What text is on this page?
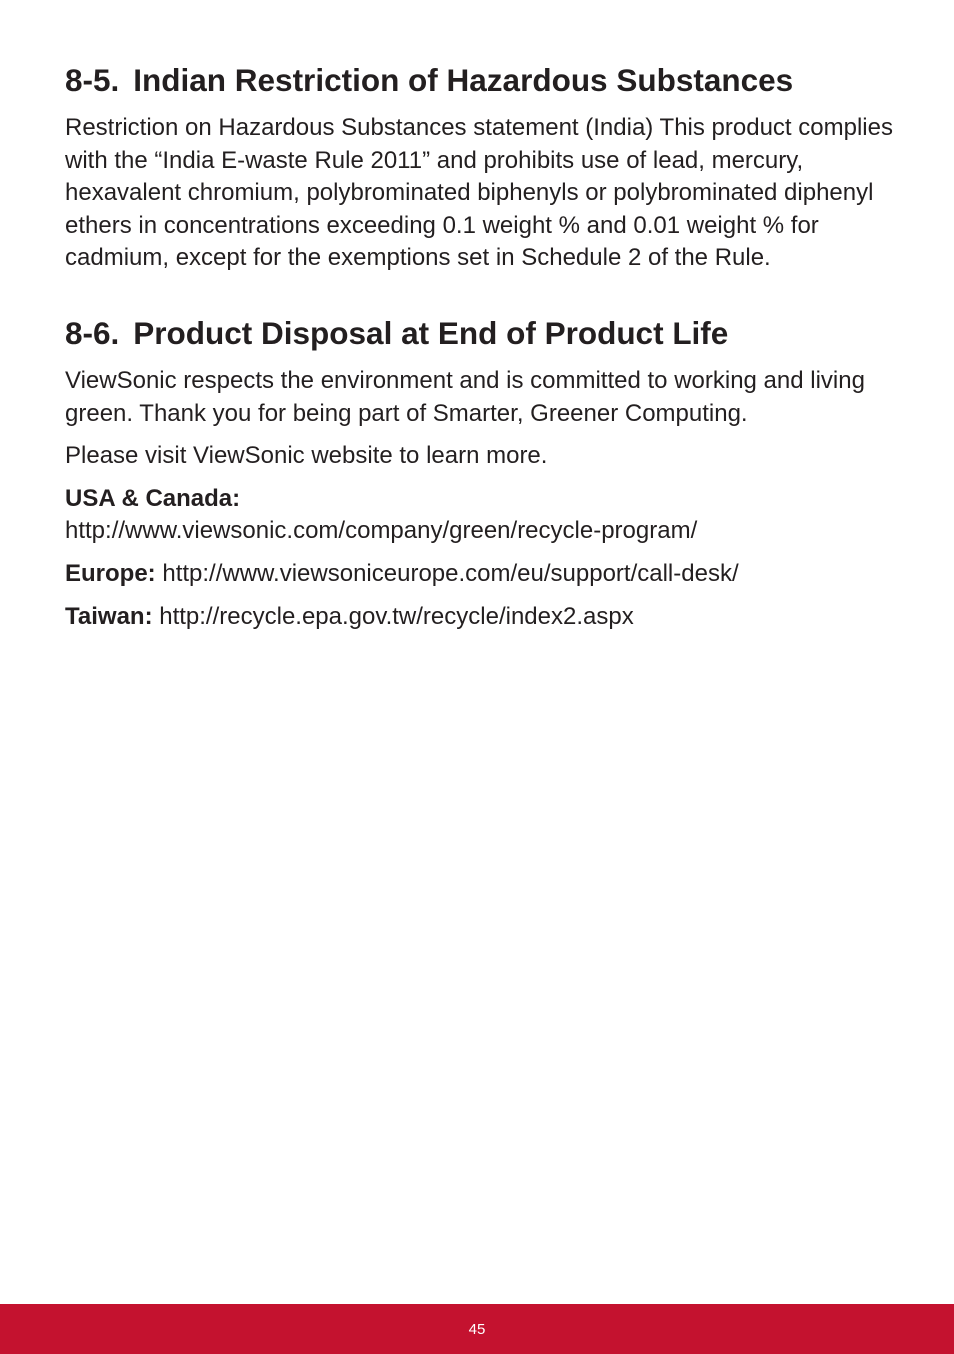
8-5. Indian Restriction of Hazardous Substances

Restriction on Hazardous Substances statement (India) This product complies with the “India E-waste Rule 2011” and prohibits use of lead, mercury, hexavalent chromium, polybrominated biphenyls or polybrominated diphenyl ethers in concentrations exceeding 0.1 weight % and 0.01 weight % for cadmium, except for the exemptions set in Schedule 2 of the Rule.

8-6. Product Disposal at End of Product Life

ViewSonic respects the environment and is committed to working and living green. Thank you for being part of Smarter, Greener Computing.

Please visit ViewSonic website to learn more.

USA & Canada:
http://www.viewsonic.com/company/green/recycle-program/

Europe: http://www.viewsoniceurope.com/eu/support/call-desk/

Taiwan: http://recycle.epa.gov.tw/recycle/index2.aspx

45
